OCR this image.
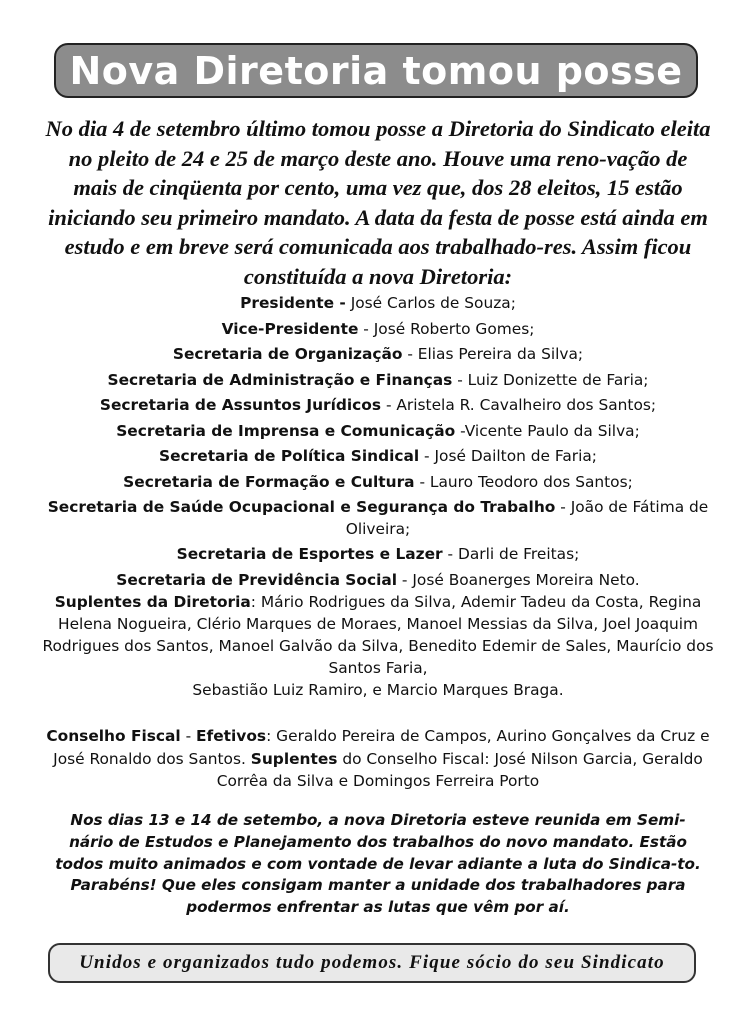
Nova Diretoria tomou posse

No dia 4 de setembro último tomou posse a Diretoria do Sindicato eleita no pleito de 24 e 25 de março deste ano. Houve uma reno-vação de mais de cinqüenta por cento, uma vez que, dos 28 eleitos, 15 estão iniciando seu primeiro mandato. A data da festa de posse está ainda em estudo e em breve será comunicada aos trabalhado-res. Assim ficou constituída a nova Diretoria:

Presidente - José Carlos de Souza;
Vice-Presidente - José Roberto Gomes;
Secretaria de Organização - Elias Pereira da Silva;
Secretaria de Administração e Finanças - Luiz Donizette de Faria;
Secretaria de Assuntos Jurídicos - Aristela R. Cavalheiro dos Santos;
Secretaria de Imprensa e Comunicação -Vicente Paulo da Silva;
Secretaria de Política Sindical - José Dailton de Faria;
Secretaria de Formação e Cultura - Lauro Teodoro dos Santos;
Secretaria de Saúde Ocupacional e Segurança do Trabalho - João de Fátima de Oliveira;
Secretaria de Esportes e Lazer - Darli de Freitas;
Secretaria de Previdência Social - José Boanerges Moreira Neto.
Suplentes da Diretoria: Mário Rodrigues da Silva, Ademir Tadeu da Costa, Regina Helena Nogueira, Clério Marques de Moraes, Manoel Messias da Silva, Joel Joaquim Rodrigues dos Santos, Manoel Galvão da Silva, Benedito Edemir de Sales, Maurício dos Santos Faria,
Sebastião Luiz Ramiro, e Marcio Marques Braga.

Conselho Fiscal - Efetivos: Geraldo Pereira de Campos, Aurino Gonçalves da Cruz e José Ronaldo dos Santos. Suplentes do Conselho Fiscal: José Nilson Garcia, Geraldo Corrêa da Silva e Domingos Ferreira Porto

Nos dias 13 e 14 de setembo, a nova Diretoria esteve reunida em Semi-nário de Estudos e Planejamento dos trabalhos do novo mandato. Estão todos muito animados e com vontade de levar adiante a luta do Sindica-to. Parabéns! Que eles consigam manter a unidade dos trabalhadores para podermos enfrentar as lutas que vêm por aí.

Unidos e organizados tudo podemos. Fique sócio do seu Sindicato
